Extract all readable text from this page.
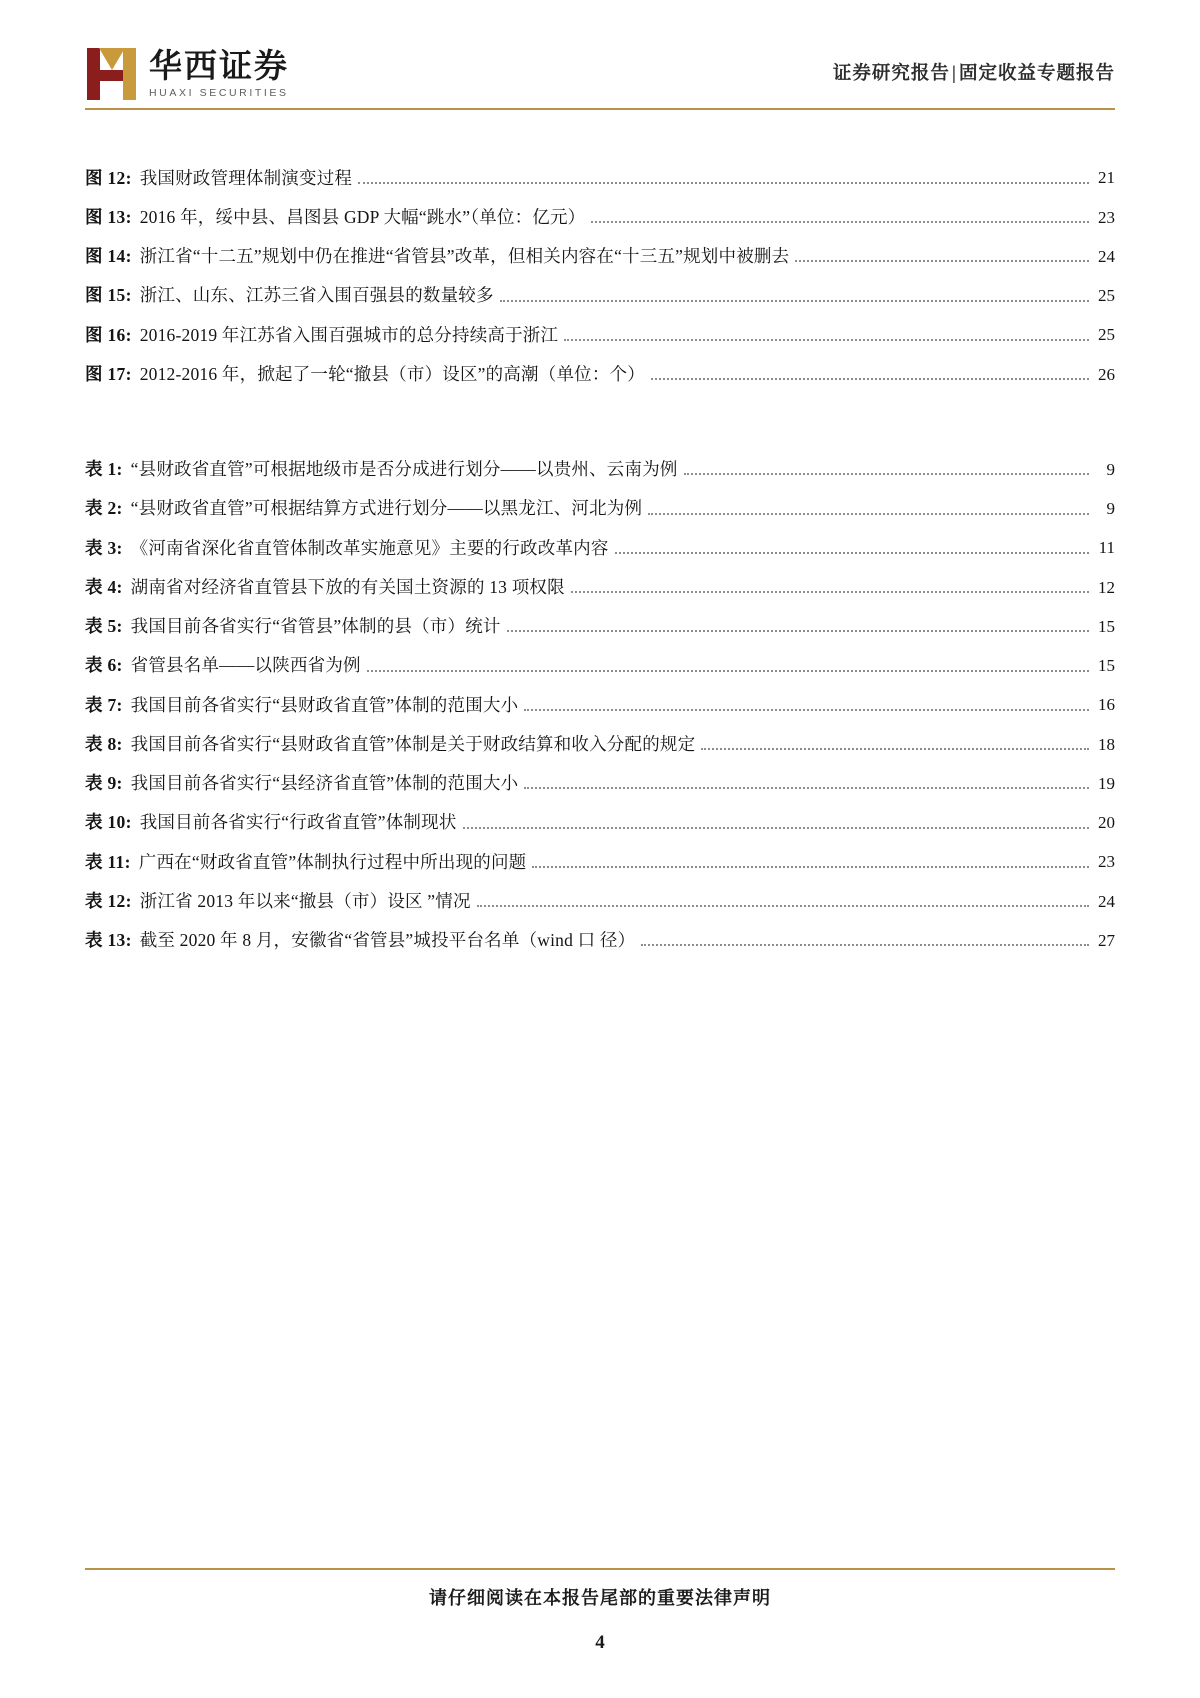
华西证券
HUAXI SECURITIES
证券研究报告 | 固定收益专题报告
图 12: 我国财政管理体制演变过程	21
图 13: 2016 年，绥中县、昌图县 GDP 大幅“跳水”（单位：亿元）	23
图 14: 浙江省“十二五”规划中仍在推进“省管县”改革，但相关内容在“十三五”规划中被删去	24
图 15: 浙江、山东、江苏三省入围百强县的数量较多	25
图 16: 2016-2019 年江苏省入围百强城市的总分持续高于浙江	25
图 17: 2012-2016 年，掀起了一轮“撤县（市）设区”的高潮（单位：个）	26
表 1: “县财政省直管”可根据地级市是否分成进行划分——以贵州、云南为例	9
表 2: “县财政省直管”可根据结算方式进行划分——以黑龙江、河北为例	9
表 3: 《河南省深化省直管体制改革实施意见》主要的行政改革内容	11
表 4: 湖南省对经济省直管县下放的有关国土资源的 13 项权限	12
表 5: 我国目前各省实行“省管县”体制的县（市）统计	15
表 6: 省管县名单——以陕西省为例	15
表 7: 我国目前各省实行“县财政省直管”体制的范围大小	16
表 8: 我国目前各省实行“县财政省直管”体制是关于财政结算和收入分配的规定	18
表 9: 我国目前各省实行“县经济省直管”体制的范围大小	19
表 10: 我国目前各省实行“行政省直管”体制现状	20
表 11: 广西在“财政省直管”体制执行过程中所出现的问题	23
表 12: 浙江省 2013 年以来“撤县（市）设区 ”情况	24
表 13: 截至 2020 年 8 月，安徽省“省管县”城投平台名单（wind 口 径）	27
请仔细阅读在本报告尾部的重要法律声明
4
